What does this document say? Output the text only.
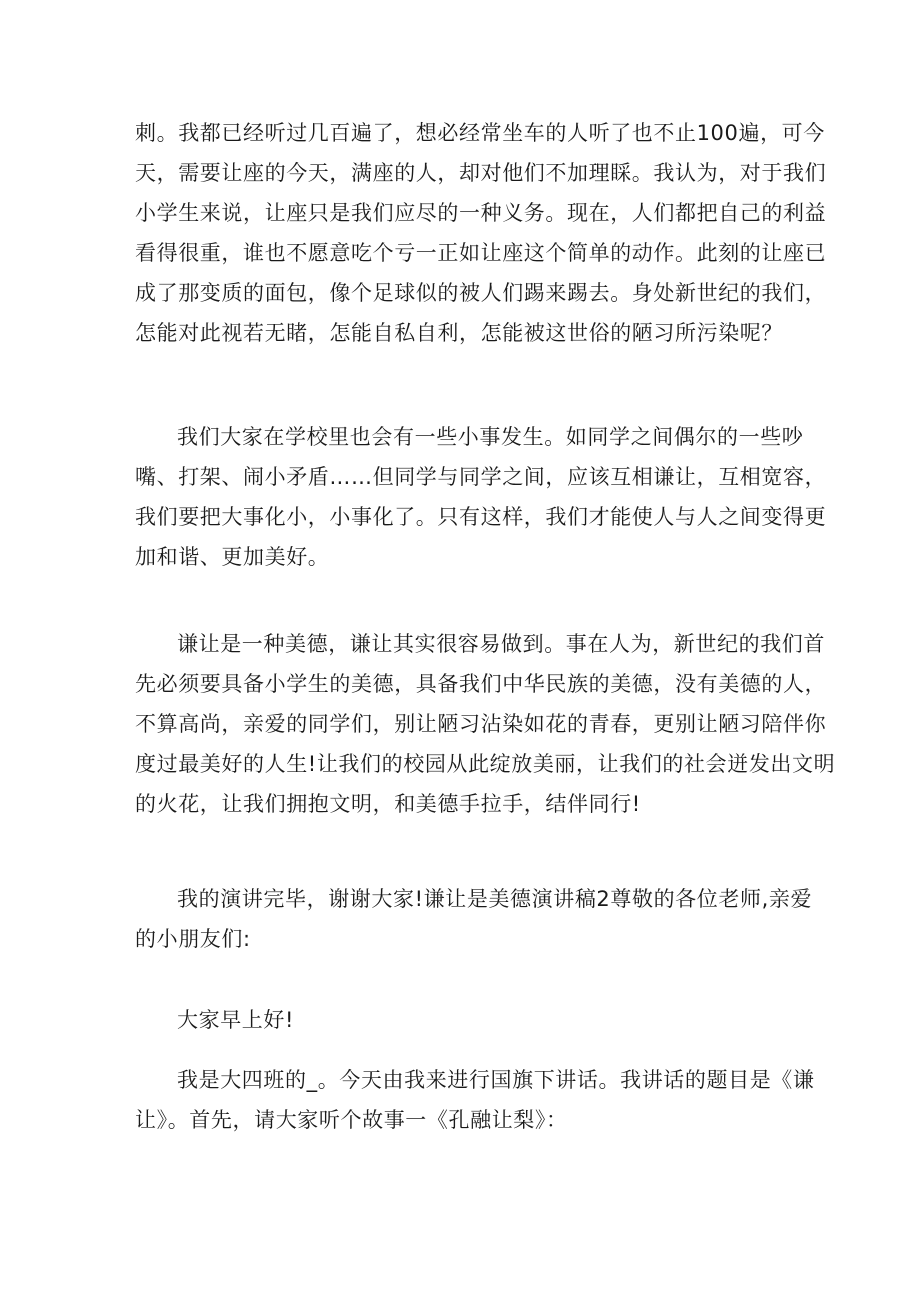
刺。我都已经听过几百遍了，想必经常坐车的人听了也不止100遍，可今
天，需要让座的今天，满座的人，却对他们不加理睬。我认为，对于我们
小学生来说，让座只是我们应尽的一种义务。现在，人们都把自己的利益
看得很重，谁也不愿意吃个亏一正如让座这个简单的动作。此刻的让座已
成了那变质的面包，像个足球似的被人们踢来踢去。身处新世纪的我们，
怎能对此视若无睹，怎能自私自利，怎能被这世俗的陋习所污染呢？
我们大家在学校里也会有一些小事发生。如同学之间偶尔的一些吵
嘴、打架、闹小矛盾……但同学与同学之间，应该互相谦让，互相宽容，
我们要把大事化小，小事化了。只有这样，我们才能使人与人之间变得更
加和谐、更加美好。
谦让是一种美德，谦让其实很容易做到。事在人为，新世纪的我们首
先必须要具备小学生的美德，具备我们中华民族的美德，没有美德的人，
不算高尚，亲爱的同学们，别让陋习沾染如花的青春，更别让陋习陪伴你
度过最美好的人生!让我们的校园从此绽放美丽，让我们的社会迸发出文明
的火花，让我们拥抱文明，和美德手拉手，结伴同行!
我的演讲完毕，谢谢大家!谦让是美德演讲稿2尊敬的各位老师,亲爱
的小朋友们:
大家早上好!
我是大四班的_。今天由我来进行国旗下讲话。我讲话的题目是《谦
让》。首先，请大家听个故事一《孔融让梨》：
